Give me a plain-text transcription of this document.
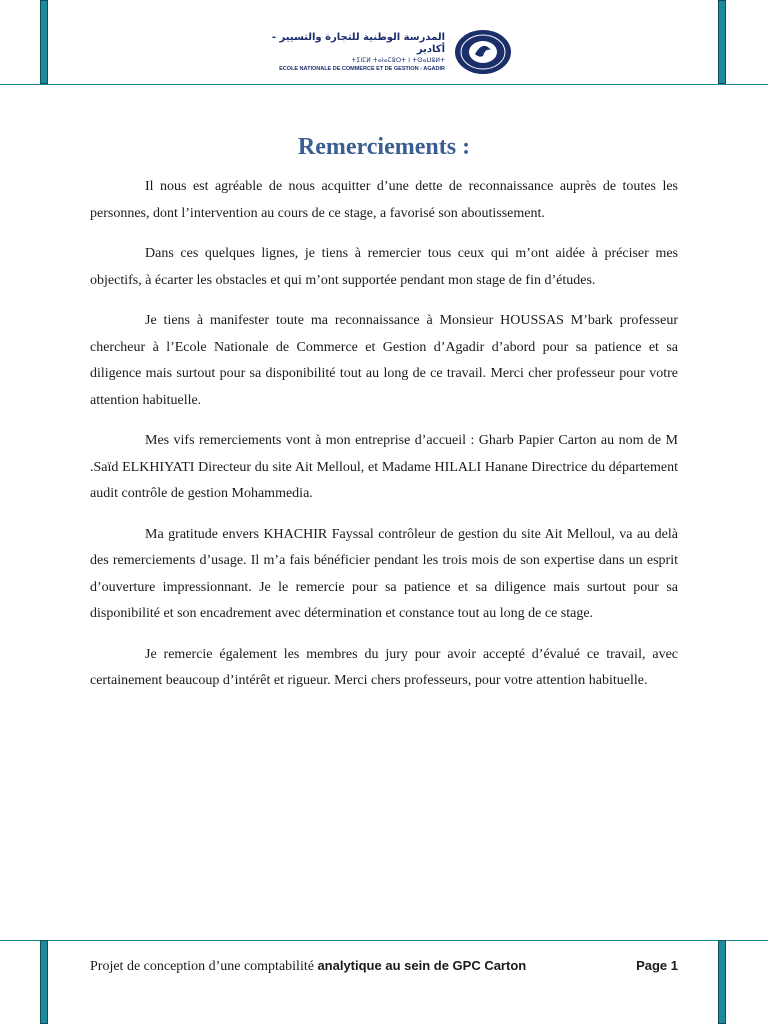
المدرسة الوطنية للتجارة والتسيير - أكادير
ⵜⵉⵏⵎⵍ ⵜⴰⵏⴰⵎⵓⵔⵜ ⵏ ⵜⵙⴰⵡⵓⵍⵜ
ECOLE NATIONALE DE COMMERCE ET DE GESTION - AGADIR
Remerciements :

Il nous est agréable de nous acquitter d’une dette de reconnaissance auprès de toutes les personnes, dont l’intervention au cours de ce stage, a favorisé son aboutissement.

Dans ces quelques lignes, je tiens à remercier tous ceux qui m’ont aidée à préciser mes objectifs, à écarter les obstacles et qui m’ont supportée pendant mon stage de fin d’études.

Je tiens à manifester toute ma reconnaissance à Monsieur HOUSSAS M’bark professeur chercheur à l’Ecole Nationale de Commerce et Gestion d’Agadir d’abord pour sa patience et sa diligence mais surtout pour sa disponibilité tout au long de ce travail. Merci cher professeur pour votre attention habituelle.

Mes vifs remerciements vont à mon entreprise d’accueil : Gharb Papier Carton au nom de M .Saïd ELKHIYATI Directeur du site Ait Melloul, et Madame HILALI Hanane Directrice du département audit contrôle de gestion Mohammedia.

Ma gratitude envers KHACHIR Fayssal contrôleur de gestion du site Ait Melloul, va au delà des remerciements d’usage. Il m’a fais bénéficier pendant les trois mois de son expertise dans un esprit d’ouverture impressionnant. Je le remercie pour sa patience et sa diligence mais surtout pour sa disponibilité et son encadrement avec détermination et constance tout au long de ce stage.

Je remercie également les membres du jury pour avoir accepté d’évalué ce travail, avec certainement beaucoup d’intérêt et rigueur. Merci chers professeurs, pour votre attention habituelle.

Projet de conception d’une comptabilité analytique au sein de GPC Carton	Page 1
